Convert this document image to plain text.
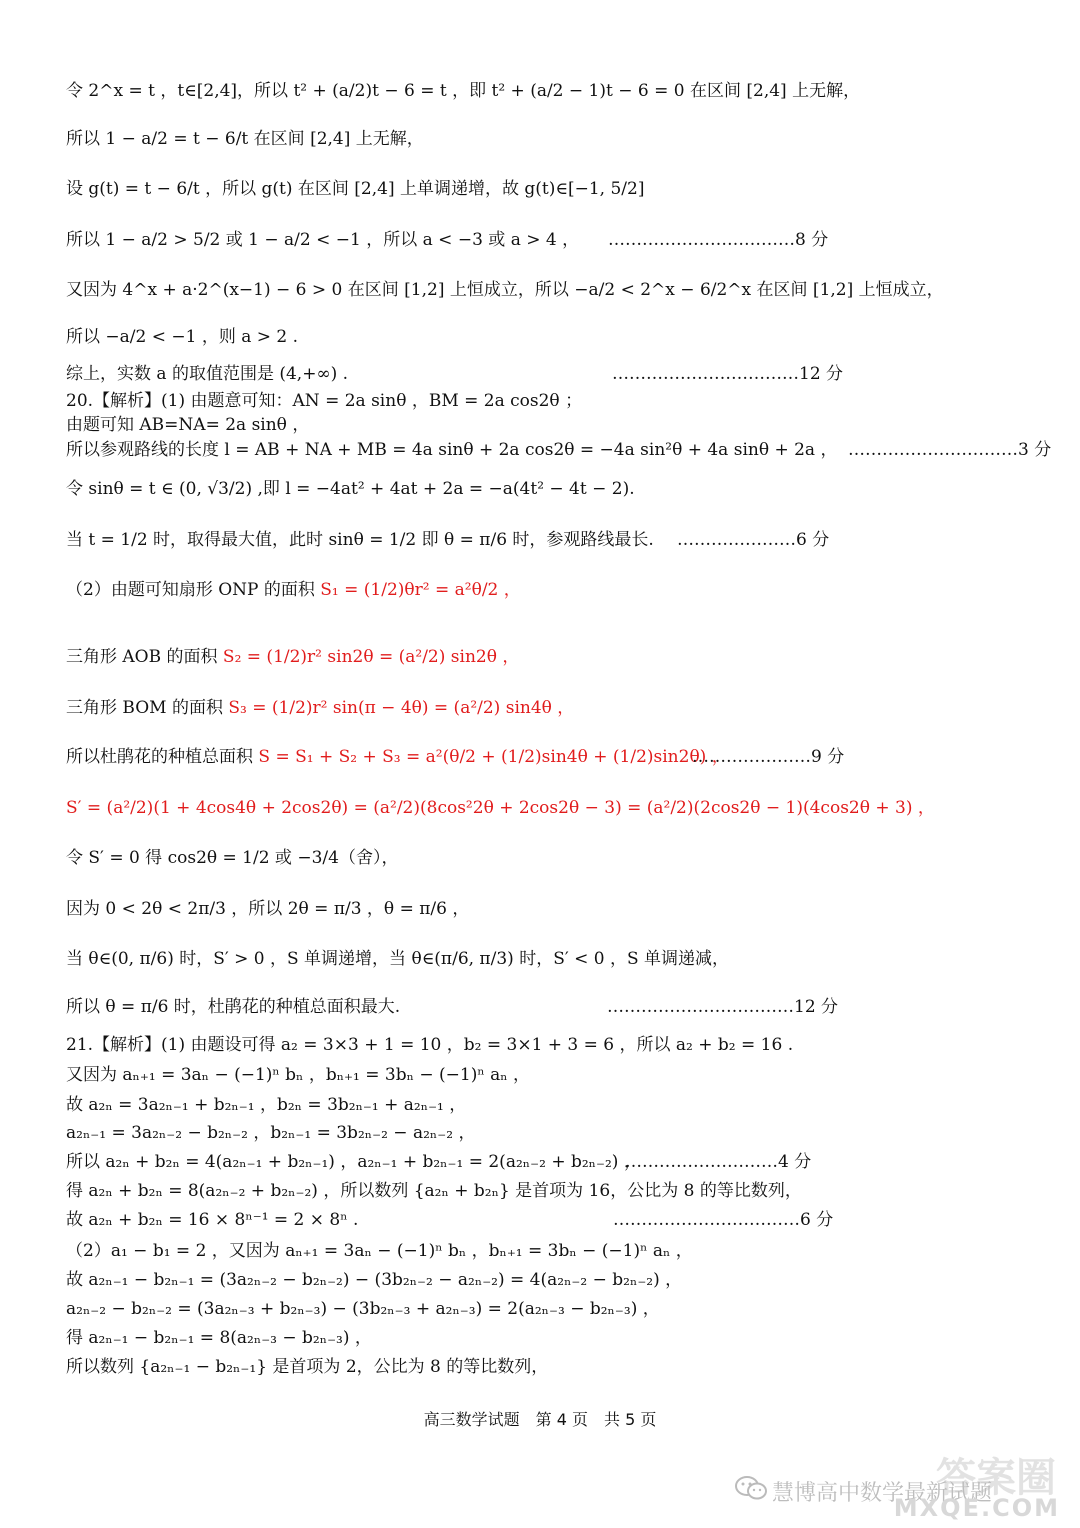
令 2^x = t ，t∈[2,4]，所以 t² + (a/2)t − 6 = t ，即 t² + (a/2 − 1)t − 6 = 0 在区间 [2,4] 上无解，
所以 1 − a/2 = t − 6/t 在区间 [2,4] 上无解，
设 g(t) = t − 6/t ，所以 g(t) 在区间 [2,4] 上单调递增，故 g(t)∈[−1, 5/2]
所以 1 − a/2 > 5/2 或 1 − a/2 < −1 ，所以 a < −3 或 a > 4 ，
又因为 4^x + a·2^(x−1) − 6 > 0 在区间 [1,2] 上恒成立，所以 −a/2 < 2^x − 6/2^x 在区间 [1,2] 上恒成立，
所以 −a/2 < −1 ，则 a > 2 .
综上，实数 a 的取值范围是 (4,+∞) .
20.【解析】(1) 由题意可知：AN = 2a sinθ ，BM = 2a cos2θ ；
由题可知 AB=NA= 2a sinθ ，
所以参观路线的长度 l = AB + NA + MB = 4a sinθ + 2a cos2θ = −4a sin²θ + 4a sinθ + 2a ，
令 sinθ = t ∈ (0, √3/2) ,即 l = −4at² + 4at + 2a = −a(4t² − 4t − 2).
当 t = 1/2 时，取得最大值，此时 sinθ = 1/2 即 θ = π/6 时，参观路线最长.
（2）由题可知扇形 ONP 的面积 S₁ = (1/2)θr² = a²θ/2 ，
三角形 AOB 的面积 S₂ = (1/2)r² sin2θ = (a²/2) sin2θ ，
三角形 BOM 的面积 S₃ = (1/2)r² sin(π − 4θ) = (a²/2) sin4θ ，
所以杜鹃花的种植总面积 S = S₁ + S₂ + S₃ = a²(θ/2 + (1/2)sin4θ + (1/2)sin2θ) ，
S′ = (a²/2)(1 + 4cos4θ + 2cos2θ) = (a²/2)(8cos²2θ + 2cos2θ − 3) = (a²/2)(2cos2θ − 1)(4cos2θ + 3) ，
令 S′ = 0 得 cos2θ = 1/2 或 −3/4（舍），
因为 0 < 2θ < 2π/3 ，所以 2θ = π/3 ，θ = π/6 ，
当 θ∈(0, π/6) 时，S′ > 0 ，S 单调递增，当 θ∈(π/6, π/3) 时，S′ < 0 ，S 单调递减，
所以 θ = π/6 时，杜鹃花的种植总面积最大.
21.【解析】(1) 由题设可得 a₂ = 3×3 + 1 = 10 ，b₂ = 3×1 + 3 = 6 ，所以 a₂ + b₂ = 16 .
又因为 aₙ₊₁ = 3aₙ − (−1)ⁿ bₙ ，bₙ₊₁ = 3bₙ − (−1)ⁿ aₙ ，
故 a₂ₙ = 3a₂ₙ₋₁ + b₂ₙ₋₁ ，b₂ₙ = 3b₂ₙ₋₁ + a₂ₙ₋₁ ，
a₂ₙ₋₁ = 3a₂ₙ₋₂ − b₂ₙ₋₂ ，b₂ₙ₋₁ = 3b₂ₙ₋₂ − a₂ₙ₋₂ ，
所以 a₂ₙ + b₂ₙ = 4(a₂ₙ₋₁ + b₂ₙ₋₁) ，a₂ₙ₋₁ + b₂ₙ₋₁ = 2(a₂ₙ₋₂ + b₂ₙ₋₂) ，
得 a₂ₙ + b₂ₙ = 8(a₂ₙ₋₂ + b₂ₙ₋₂) ，所以数列 {a₂ₙ + b₂ₙ} 是首项为 16，公比为 8 的等比数列，
故 a₂ₙ + b₂ₙ = 16 × 8ⁿ⁻¹ = 2 × 8ⁿ .
（2）a₁ − b₁ = 2 ，又因为 aₙ₊₁ = 3aₙ − (−1)ⁿ bₙ ，bₙ₊₁ = 3bₙ − (−1)ⁿ aₙ ，
故 a₂ₙ₋₁ − b₂ₙ₋₁ = (3a₂ₙ₋₂ − b₂ₙ₋₂) − (3b₂ₙ₋₂ − a₂ₙ₋₂) = 4(a₂ₙ₋₂ − b₂ₙ₋₂) ，
a₂ₙ₋₂ − b₂ₙ₋₂ = (3a₂ₙ₋₃ + b₂ₙ₋₃) − (3b₂ₙ₋₃ + a₂ₙ₋₃) = 2(a₂ₙ₋₃ − b₂ₙ₋₃) ，
得 a₂ₙ₋₁ − b₂ₙ₋₁ = 8(a₂ₙ₋₃ − b₂ₙ₋₃) ，
所以数列 {a₂ₙ₋₁ − b₂ₙ₋₁} 是首项为 2，公比为 8 的等比数列，
……………………………8 分
……………………………12 分
…………………………3 分
…………………6 分
…………………9 分
……………………………12 分
………………………4 分
……………………………6 分
高三数学试题　第 4 页　共 5 页
答案圈
慧博高中数学最新试题
MXQE.COM
